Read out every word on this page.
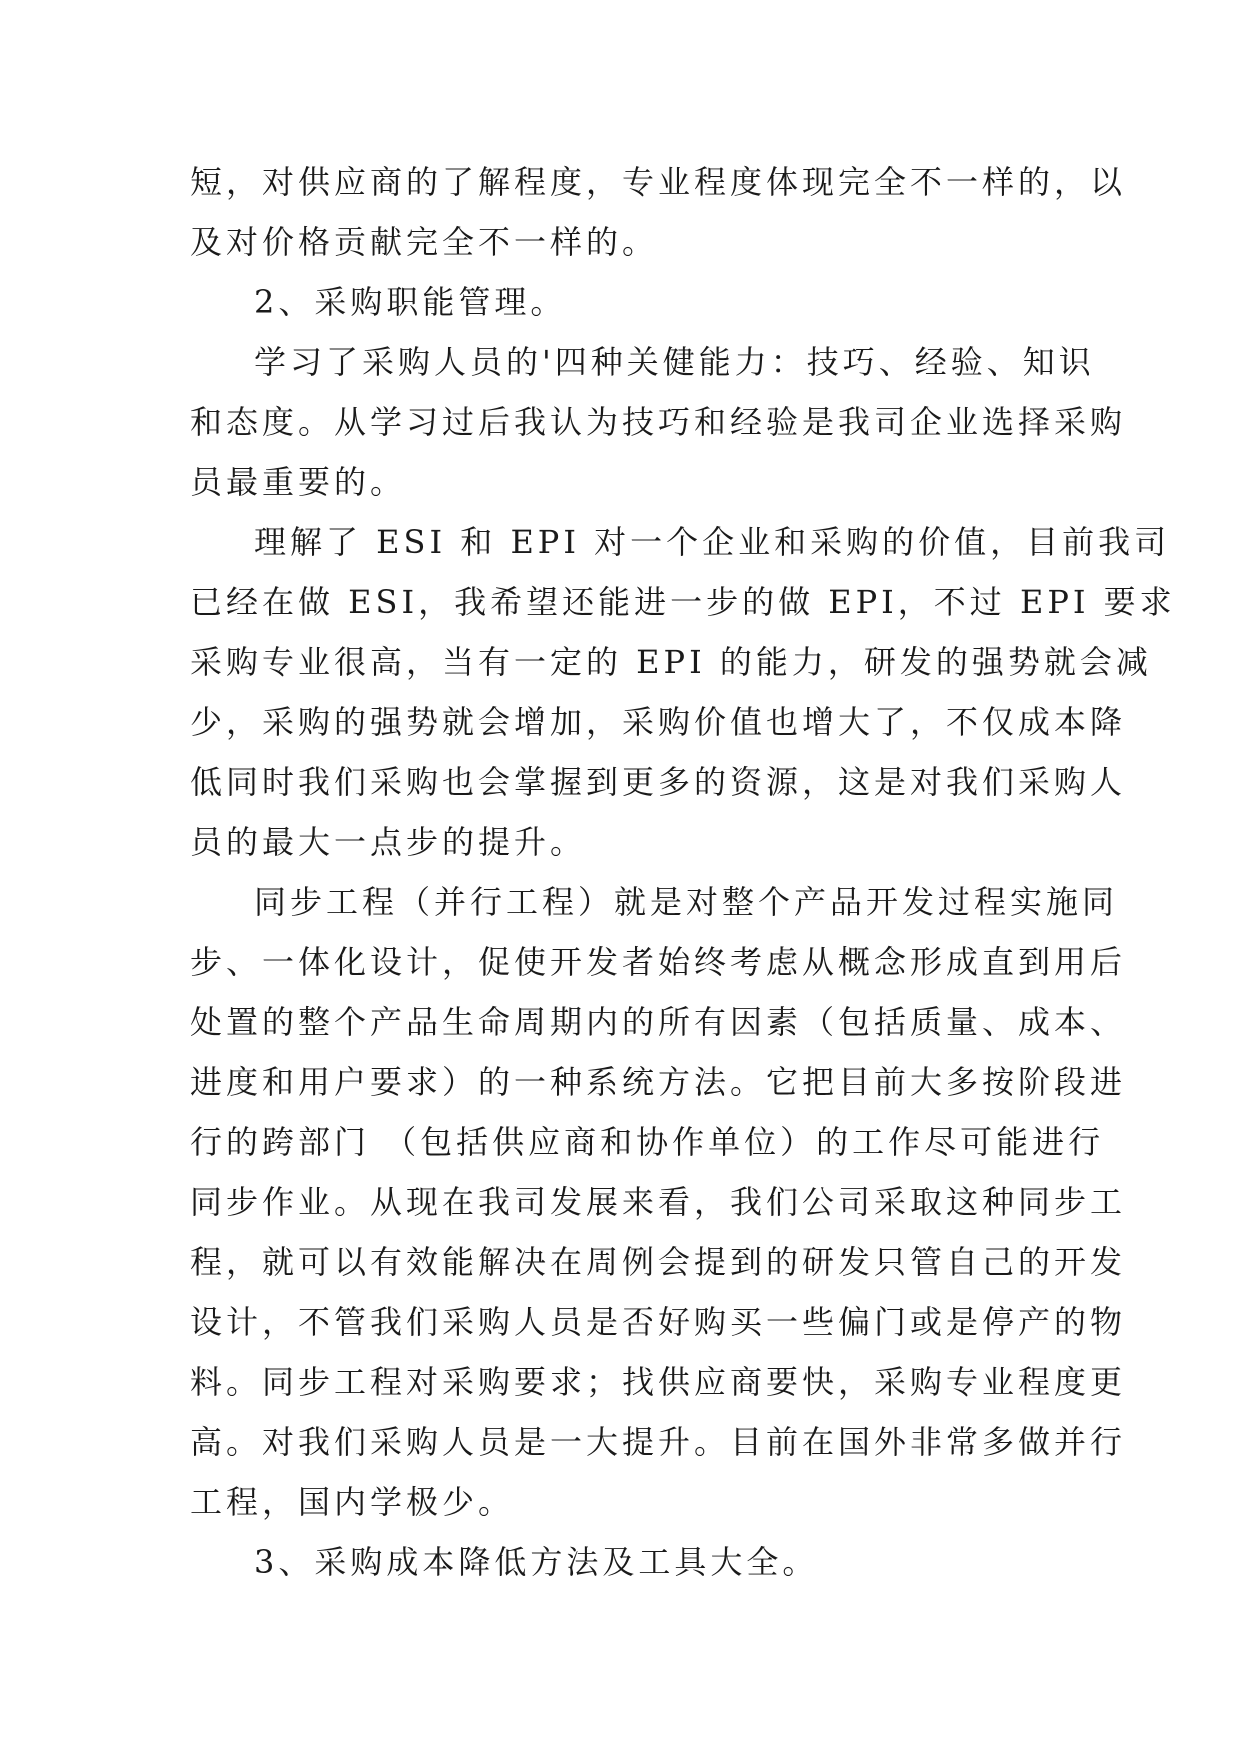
短，对供应商的了解程度，专业程度体现完全不一样的，以
及对价格贡献完全不一样的。
2、采购职能管理。
学习了采购人员的'四种关健能力：技巧、经验、知识
和态度。从学习过后我认为技巧和经验是我司企业选择采购
员最重要的。
理解了 ESI 和 EPI 对一个企业和采购的价值，目前我司
已经在做 ESI，我希望还能进一步的做 EPI，不过 EPI 要求
采购专业很高，当有一定的 EPI 的能力，研发的强势就会减
少，采购的强势就会增加，采购价值也增大了，不仅成本降
低同时我们采购也会掌握到更多的资源，这是对我们采购人
员的最大一点步的提升。
同步工程（并行工程）就是对整个产品开发过程实施同
步、一体化设计，促使开发者始终考虑从概念形成直到用后
处置的整个产品生命周期内的所有因素（包括质量、成本、
进度和用户要求）的一种系统方法。它把目前大多按阶段进
行的跨部门 （包括供应商和协作单位）的工作尽可能进行
同步作业。从现在我司发展来看，我们公司采取这种同步工
程，就可以有效能解决在周例会提到的研发只管自己的开发
设计，不管我们采购人员是否好购买一些偏门或是停产的物
料。同步工程对采购要求；找供应商要快，采购专业程度更
高。对我们采购人员是一大提升。目前在国外非常多做并行
工程，国内学极少。
3、采购成本降低方法及工具大全。
